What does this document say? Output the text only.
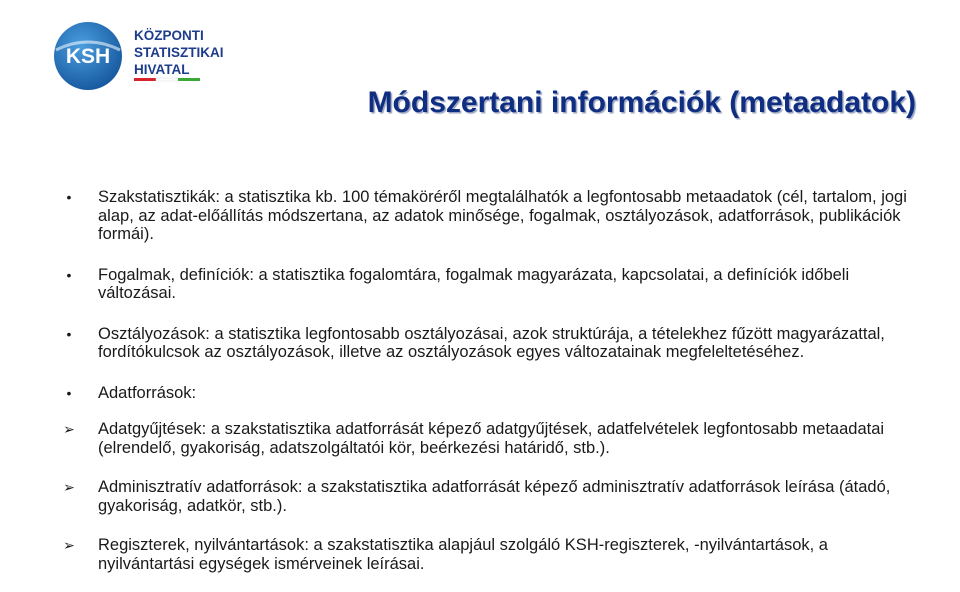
KSH
KÖZPONTI
STATISZTIKAI
HIVATAL
Módszertani információk (metaadatok)
•	Szakstatisztikák: a statisztika kb. 100 témaköréről megtalálhatók a legfontosabb metaadatok (cél, tartalom, jogi alap, az adat-előállítás módszertana, az adatok minősége, fogalmak, osztályozások, adatforrások, publikációk formái).
•	Fogalmak, definíciók: a statisztika fogalomtára, fogalmak magyarázata, kapcsolatai, a definíciók időbeli változásai.
•	Osztályozások: a statisztika legfontosabb osztályozásai, azok struktúrája, a tételekhez fűzött magyarázattal, fordítókulcsok az osztályozások, illetve az osztályozások egyes változatainak megfeleltetéséhez.
•	Adatforrások:
➢	Adatgyűjtések: a szakstatisztika adatforrását képező adatgyűjtések, adatfelvételek legfontosabb metaadatai (elrendelő, gyakoriság, adatszolgáltatói kör, beérkezési határidő, stb.).
➢	Adminisztratív adatforrások: a szakstatisztika adatforrását képező adminisztratív adatforrások leírása (átadó, gyakoriság, adatkör, stb.).
➢	Regiszterek, nyilvántartások: a szakstatisztika alapjául szolgáló KSH-regiszterek, -nyilvántartások, a nyilvántartási egységek ismérveinek leírásai.
